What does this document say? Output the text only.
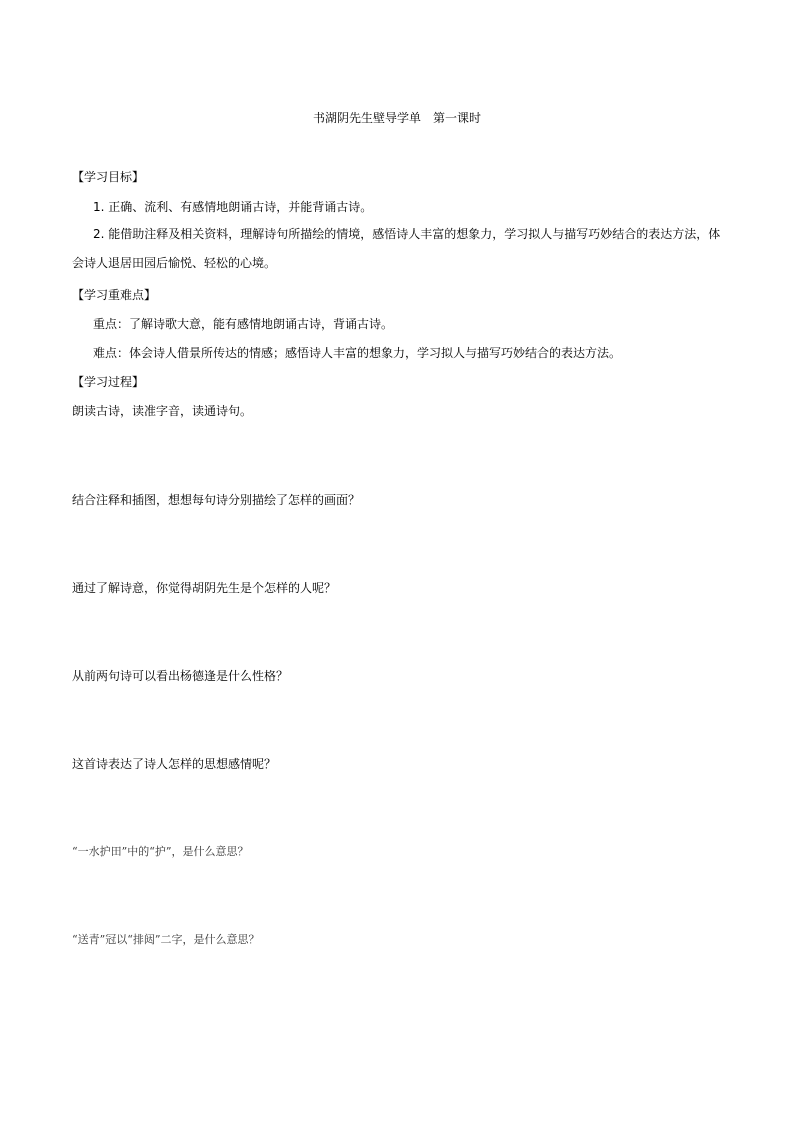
书湖阴先生壁导学单　第一课时
【学习目标】
1. 正确、流利、有感情地朗诵古诗，并能背诵古诗。
2. 能借助注释及相关资料，理解诗句所描绘的情境，感悟诗人丰富的想象力，学习拟人与描写巧妙结合的表达方法，体会诗人退居田园后愉悦、轻松的心境。
【学习重难点】
重点：了解诗歌大意，能有感情地朗诵古诗，背诵古诗。
难点：体会诗人借景所传达的情感；感悟诗人丰富的想象力，学习拟人与描写巧妙结合的表达方法。
【学习过程】
朗读古诗，读准字音，读通诗句。
结合注释和插图，想想每句诗分别描绘了怎样的画面？
通过了解诗意，你觉得胡阴先生是个怎样的人呢？
从前两句诗可以看出杨德逢是什么性格？
这首诗表达了诗人怎样的思想感情呢？
“一水护田”中的“护”，是什么意思？
“送青”冠以“排闼”二字，是什么意思？
